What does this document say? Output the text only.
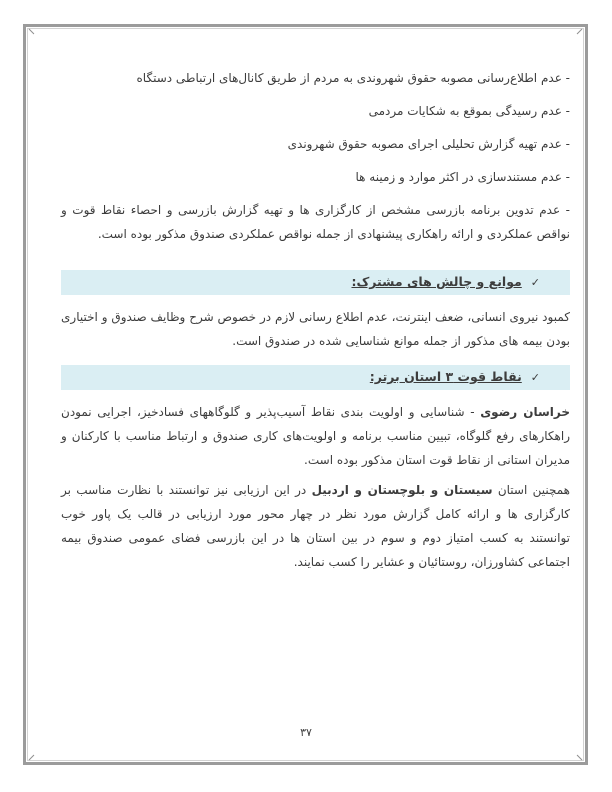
- عدم اطلاع‌رسانی مصوبه حقوق شهروندی به مردم از طریق کانال‌های ارتباطی دستگاه

- عدم رسیدگی بموقع به شکایات مردمی

- عدم تهیه گزارش تحلیلی اجرای مصوبه حقوق شهروندی

- عدم مستندسازی در اکثر موارد و زمینه ها

- عدم تدوین برنامه بازرسی مشخص از کارگزاری ها و تهیه گزارش بازرسی و احصاء نقاط قوت و نواقص عملکردی و ارائه راهکاری پیشنهادی از جمله نواقص عملکردی صندوق مذکور بوده است.

✓موانع و چالش های مشترک:

کمبود نیروی انسانی، ضعف اینترنت، عدم اطلاع رسانی لازم در خصوص شرح وظایف صندوق و اختیاری بودن بیمه های مذکور از جمله موانع شناسایی شده در صندوق است.

✓نقاط قوت ۳ استان برتر:

خراسان رضوی - شناسایی و اولویت بندی نقاط آسیب‌پذیر و گلوگاههای فسادخیز، اجرایی نمودن راهکارهای رفع گلوگاه، تبیین مناسب برنامه و اولویت‌های کاری صندوق و ارتباط مناسب با کارکنان و مدیران استانی از نقاط قوت استان مذکور بوده است.

همچنین استان سیستان و بلوچستان و اردبیل در این ارزیابی نیز توانستند با نظارت مناسب بر کارگزاری ها و ارائه کامل گزارش مورد نظر در چهار محور مورد ارزیابی در قالب یک پاور خوب توانستند به کسب امتیاز دوم و سوم در بین استان ها در این بازرسی فضای عمومی صندوق بیمه اجتماعی کشاورزان، روستائیان و عشایر را کسب نمایند.

۳۷
